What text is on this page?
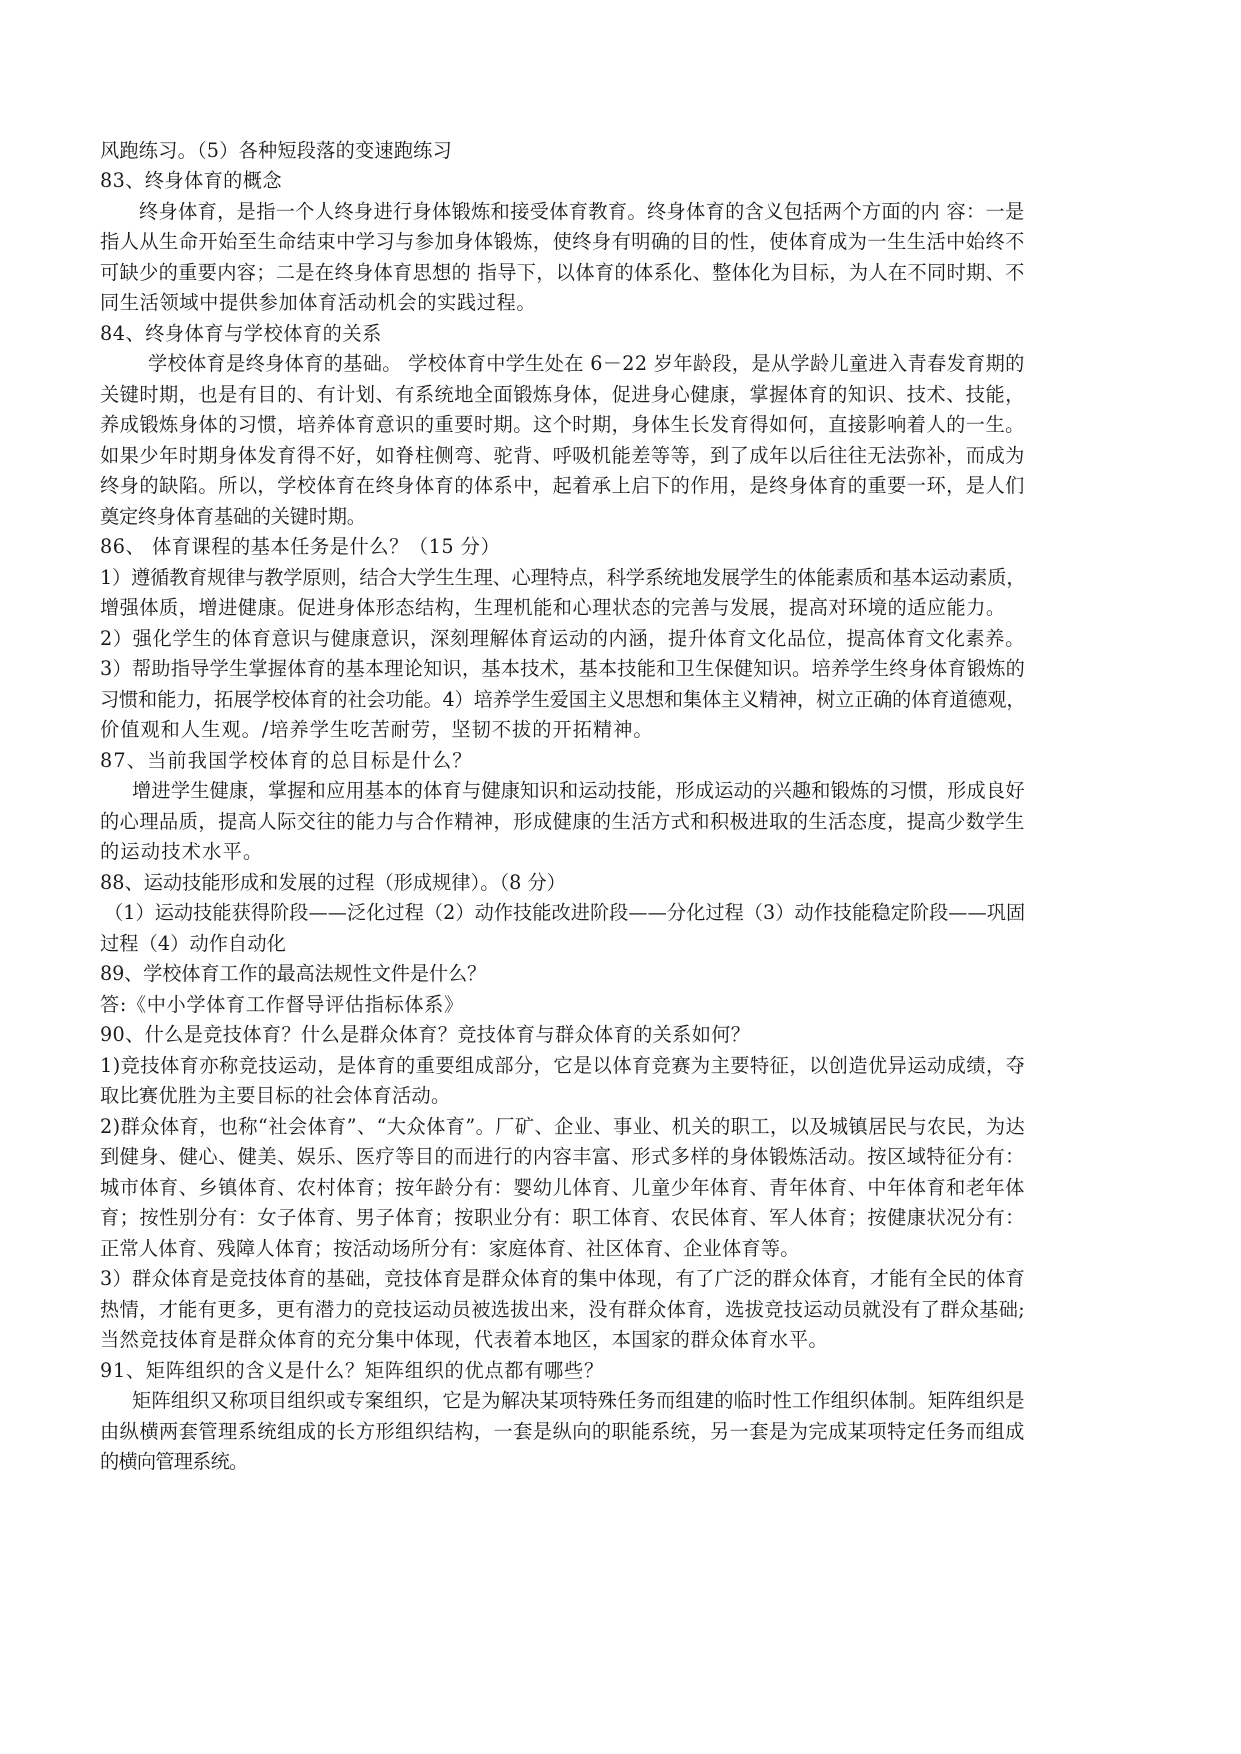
风跑练习。（5）各种短段落的变速跑练习
83、终身体育的概念
终身体育，是指一个人终身进行身体锻炼和接受体育教育。终身体育的含义包括两个方面的内 容：一是
指人从生命开始至生命结束中学习与参加身体锻炼，使终身有明确的目的性，使体育成为一生生活中始终不
可缺少的重要内容；二是在终身体育思想的 指导下，以体育的体系化、整体化为目标，为人在不同时期、不
同生活领域中提供参加体育活动机会的实践过程。
84、终身体育与学校体育的关系
学校体育是终身体育的基础。 学校体育中学生处在 6－22 岁年龄段，是从学龄儿童进入青春发育期的
关键时期，也是有目的、有计划、有系统地全面锻炼身体，促进身心健康，掌握体育的知识、技术、技能，
养成锻炼身体的习惯，培养体育意识的重要时期。这个时期，身体生长发育得如何，直接影响着人的一生。
如果少年时期身体发育得不好，如脊柱侧弯、驼背、呼吸机能差等等，到了成年以后往往无法弥补，而成为
终身的缺陷。所以，学校体育在终身体育的体系中，起着承上启下的作用，是终身体育的重要一环，是人们
奠定终身体育基础的关键时期。
86、 体育课程的基本任务是什么？（15 分）
1）遵循教育规律与教学原则，结合大学生生理、心理特点，科学系统地发展学生的体能素质和基本运动素质，
增强体质，增进健康。促进身体形态结构，生理机能和心理状态的完善与发展，提高对环境的适应能力。
2）强化学生的体育意识与健康意识，深刻理解体育运动的内涵，提升体育文化品位，提高体育文化素养。
3）帮助指导学生掌握体育的基本理论知识，基本技术，基本技能和卫生保健知识。培养学生终身体育锻炼的
习惯和能力，拓展学校体育的社会功能。4）培养学生爱国主义思想和集体主义精神，树立正确的体育道德观，
价值观和人生观。/培养学生吃苦耐劳，坚韧不拔的开拓精神。
87、当前我国学校体育的总目标是什么？
增进学生健康，掌握和应用基本的体育与健康知识和运动技能，形成运动的兴趣和锻炼的习惯，形成良好
的心理品质，提高人际交往的能力与合作精神，形成健康的生活方式和积极进取的生活态度，提高少数学生
的运动技术水平。
88、运动技能形成和发展的过程（形成规律）。（8 分）
（1）运动技能获得阶段——泛化过程（2）动作技能改进阶段——分化过程（3）动作技能稳定阶段——巩固
过程（4）动作自动化
89、学校体育工作的最高法规性文件是什么？
答:《中小学体育工作督导评估指标体系》
90、什么是竞技体育？什么是群众体育？竞技体育与群众体育的关系如何？
1)竞技体育亦称竞技运动，是体育的重要组成部分，它是以体育竞赛为主要特征，以创造优异运动成绩，夺
取比赛优胜为主要目标的社会体育活动。
2)群众体育，也称“社会体育”、“大众体育”。厂矿、企业、事业、机关的职工，以及城镇居民与农民，为达
到健身、健心、健美、娱乐、医疗等目的而进行的内容丰富、形式多样的身体锻炼活动。按区域特征分有：
城市体育、乡镇体育、农村体育；按年龄分有：婴幼儿体育、儿童少年体育、青年体育、中年体育和老年体
育；按性别分有：女子体育、男子体育；按职业分有：职工体育、农民体育、军人体育；按健康状况分有：
正常人体育、残障人体育；按活动场所分有：家庭体育、社区体育、企业体育等。
3）群众体育是竞技体育的基础，竞技体育是群众体育的集中体现，有了广泛的群众体育，才能有全民的体育
热情，才能有更多，更有潜力的竞技运动员被选拔出来，没有群众体育，选拔竞技运动员就没有了群众基础;
当然竞技体育是群众体育的充分集中体现，代表着本地区，本国家的群众体育水平。
91、矩阵组织的含义是什么？矩阵组织的优点都有哪些？
矩阵组织又称项目组织或专案组织，它是为解决某项特殊任务而组建的临时性工作组织体制。矩阵组织是
由纵横两套管理系统组成的长方形组织结构，一套是纵向的职能系统，另一套是为完成某项特定任务而组成
的横向管理系统。
